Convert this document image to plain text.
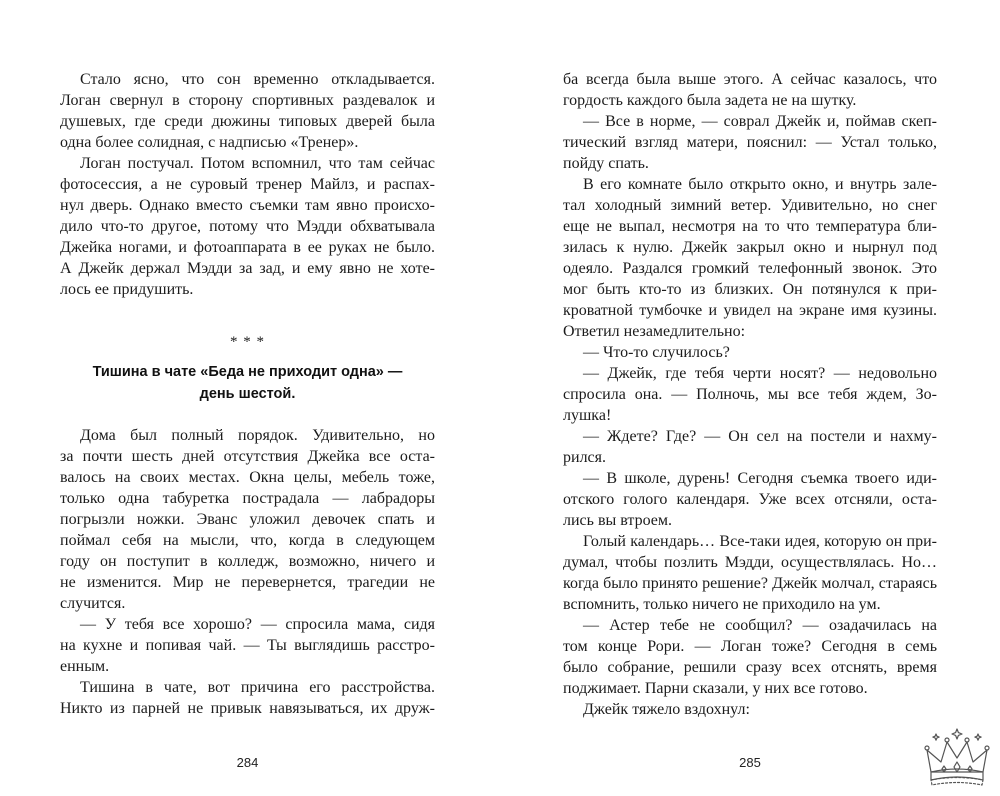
Стало ясно, что сон временно откладывается.
Логан свернул в сторону спортивных раздевалок и
душевых, где среди дюжины типовых дверей была
одна более солидная, с надписью «Тренер».
Логан постучал. Потом вспомнил, что там сейчас
фотосессия, а не суровый тренер Майлз, и распах-
нул дверь. Однако вместо съемки там явно происхо-
дило что-то другое, потому что Мэдди обхватывала
Джейка ногами, и фотоаппарата в ее руках не было.
А Джейк держал Мэдди за зад, и ему явно не хоте-
лось ее придушить.
* * *
Тишина в чате «Беда не приходит одна» —
день шестой.
Дома был полный порядок. Удивительно, но
за почти шесть дней отсутствия Джейка все оста-
валось на своих местах. Окна целы, мебель тоже,
только одна табуретка пострадала — лабрадоры
погрызли ножки. Эванс уложил девочек спать и
поймал себя на мысли, что, когда в следующем
году он поступит в колледж, возможно, ничего и
не изменится. Мир не перевернется, трагедии не
случится.
— У тебя все хорошо? — спросила мама, сидя
на кухне и попивая чай. — Ты выглядишь расстро-
енным.
Тишина в чате, вот причина его расстройства.
Никто из парней не привык навязываться, их друж-
284
ба всегда была выше этого. А сейчас казалось, что
гордость каждого была задета не на шутку.
— Все в норме, — соврал Джейк и, поймав скеп-
тический взгляд матери, пояснил: — Устал только,
пойду спать.
В его комнате было открыто окно, и внутрь зале-
тал холодный зимний ветер. Удивительно, но снег
еще не выпал, несмотря на то что температура бли-
зилась к нулю. Джейк закрыл окно и нырнул под
одеяло. Раздался громкий телефонный звонок. Это
мог быть кто-то из близких. Он потянулся к при-
кроватной тумбочке и увидел на экране имя кузины.
Ответил незамедлительно:
— Что-то случилось?
— Джейк, где тебя черти носят? — недовольно
спросила она. — Полночь, мы все тебя ждем, Зо-
лушка!
— Ждете? Где? — Он сел на постели и нахму-
рился.
— В школе, дурень! Сегодня съемка твоего иди-
отского голого календаря. Уже всех отсняли, оста-
лись вы втроем.
Голый календарь… Все-таки идея, которую он при-
думал, чтобы позлить Мэдди, осуществлялась. Но…
когда было принято решение? Джейк молчал, стараясь
вспомнить, только ничего не приходило на ум.
— Астер тебе не сообщил? — озадачилась на
том конце Рори. — Логан тоже? Сегодня в семь
было собрание, решили сразу всех отснять, время
поджимает. Парни сказали, у них все готово.
Джейк тяжело вздохнул:
285
